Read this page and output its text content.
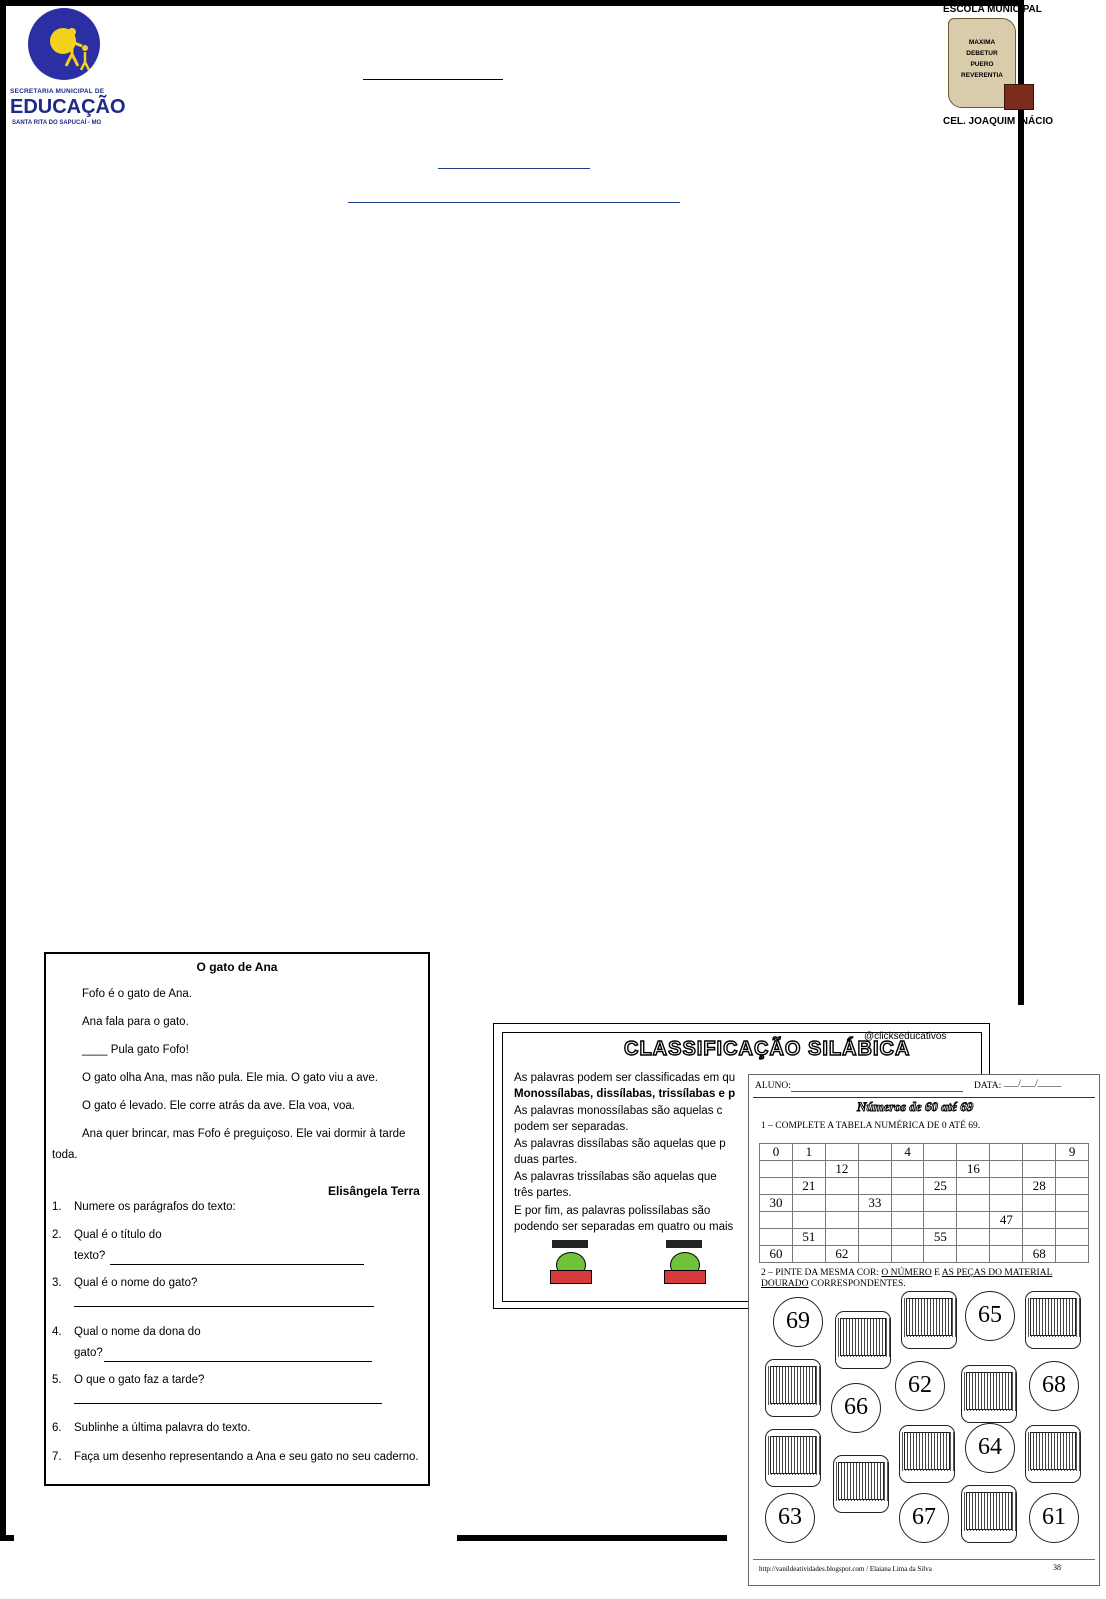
SECRETARIA MUNICIPAL DE
EDUCAÇÃO
SANTA RITA DO SAPUCAÍ - MG
ESCOLA MUNICIPAL
MAXIMA
DEBETUR
PUERO
REVERENTIA
CEL. JOAQUIM INÁCIO
O gato de Ana
Fofo é o gato de Ana.
Ana fala para o gato.
____ Pula gato Fofo!
O gato olha Ana, mas não pula. Ele mia. O gato viu a ave.
O gato é levado. Ele corre atrás da ave. Ela voa, voa.
Ana quer brincar, mas Fofo é preguiçoso. Ele vai dormir à tarde
toda.
Elisângela Terra
1. Numere os parágrafos do texto:
2. Qual é o título do
texto?
3. Qual é o nome do gato?
4. Qual o nome da dona do
gato?
5. O que o gato faz a tarde?
6. Sublinhe a última palavra do texto.
7. Faça um desenho representando a Ana e seu gato no seu caderno.
CLASSIFICAÇÃO SILÁBICA
@clickseducativos
As palavras podem ser classificadas em qu
Monossílabas, dissílabas, trissílabas e p
As palavras monossílabas são aquelas c
podem ser separadas.
As palavras dissílabas são aquelas que p
duas partes.
As palavras trissílabas são aquelas que
três partes.
E por fim, as palavras polissílabas são
podendo ser separadas em quatro ou mais
ALUNO:	DATA: ___/___/_____
Números de 60 até 69
1 – COMPLETE A TABELA NUMÉRICA DE 0 ATÉ 69.
0	1			4					9
		12				16			
	21				25			28	
30			33						
							47		
	51				55				
60		62						68	
2 – PINTE DA MESMA COR: O NÚMERO E AS PEÇAS DO MATERIAL
DOURADO CORRESPONDENTES.
69	65
62
66
68
64
63	67	61
http://vanildeatividades.blogspot.com / Elaiana Lima da Silva	38
